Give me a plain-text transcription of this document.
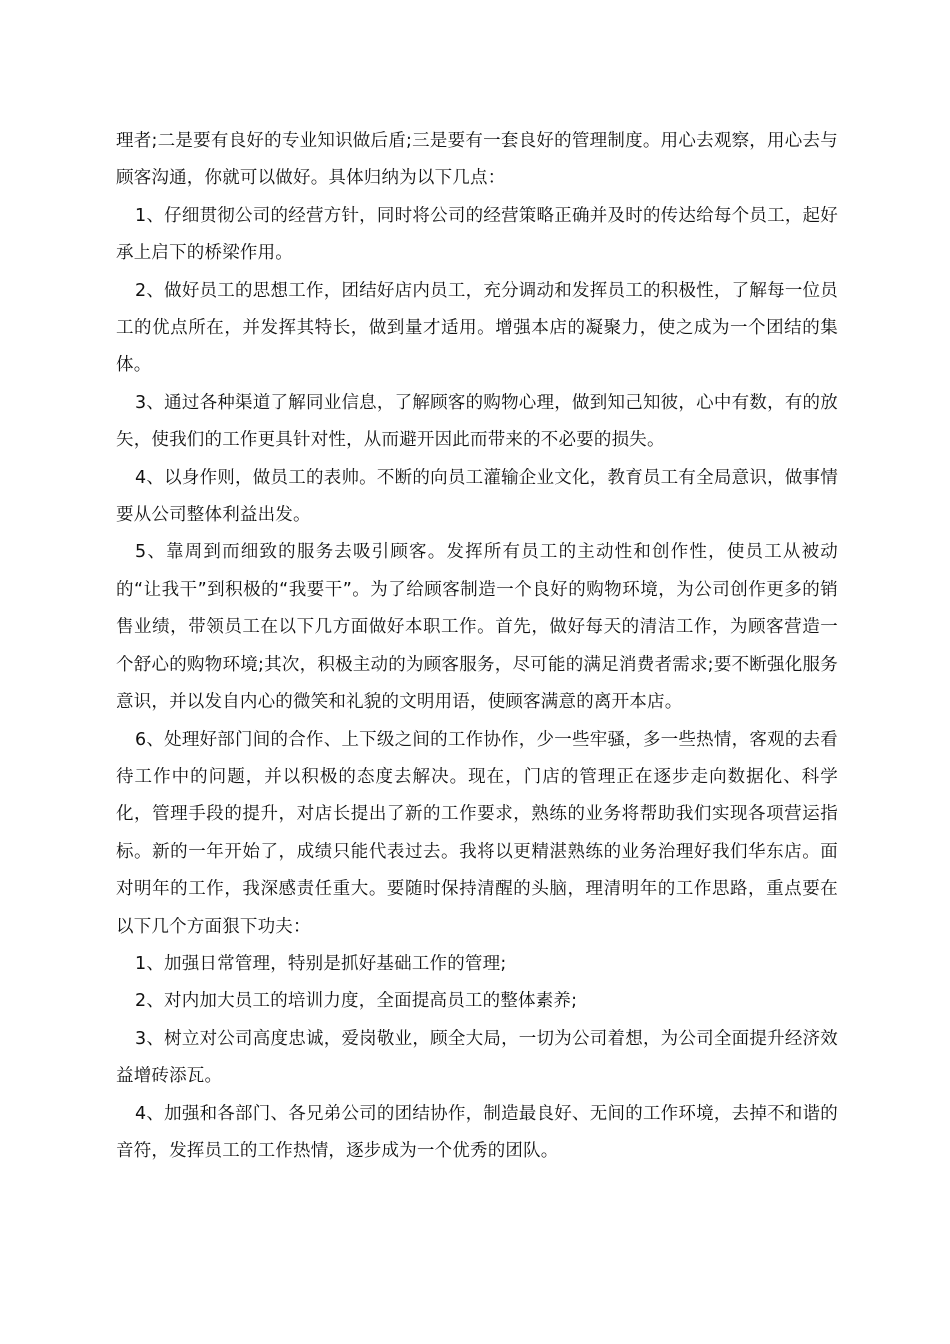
理者;二是要有良好的专业知识做后盾;三是要有一套良好的管理制度。用心去观察，用心去与顾客沟通，你就可以做好。具体归纳为以下几点：

1、仔细贯彻公司的经营方针，同时将公司的经营策略正确并及时的传达给每个员工，起好承上启下的桥梁作用。

2、做好员工的思想工作，团结好店内员工，充分调动和发挥员工的积极性，了解每一位员工的优点所在，并发挥其特长，做到量才适用。增强本店的凝聚力，使之成为一个团结的集体。

3、通过各种渠道了解同业信息，了解顾客的购物心理，做到知己知彼，心中有数，有的放矢，使我们的工作更具针对性，从而避开因此而带来的不必要的损失。

4、以身作则，做员工的表帅。不断的向员工灌输企业文化，教育员工有全局意识，做事情要从公司整体利益出发。

5、靠周到而细致的服务去吸引顾客。发挥所有员工的主动性和创作性，使员工从被动的“让我干”到积极的“我要干”。为了给顾客制造一个良好的购物环境，为公司创作更多的销售业绩，带领员工在以下几方面做好本职工作。首先，做好每天的清洁工作，为顾客营造一个舒心的购物环境;其次，积极主动的为顾客服务，尽可能的满足消费者需求;要不断强化服务意识，并以发自内心的微笑和礼貌的文明用语，使顾客满意的离开本店。

6、处理好部门间的合作、上下级之间的工作协作，少一些牢骚，多一些热情，客观的去看待工作中的问题，并以积极的态度去解决。现在，门店的管理正在逐步走向数据化、科学化，管理手段的提升，对店长提出了新的工作要求，熟练的业务将帮助我们实现各项营运指标。新的一年开始了，成绩只能代表过去。我将以更精湛熟练的业务治理好我们华东店。面对明年的工作，我深感责任重大。要随时保持清醒的头脑，理清明年的工作思路，重点要在以下几个方面狠下功夫：

1、加强日常管理，特别是抓好基础工作的管理;

2、对内加大员工的培训力度，全面提高员工的整体素养;

3、树立对公司高度忠诚，爱岗敬业，顾全大局，一切为公司着想，为公司全面提升经济效益增砖添瓦。

4、加强和各部门、各兄弟公司的团结协作，制造最良好、无间的工作环境，去掉不和谐的音符，发挥员工的工作热情，逐步成为一个优秀的团队。
